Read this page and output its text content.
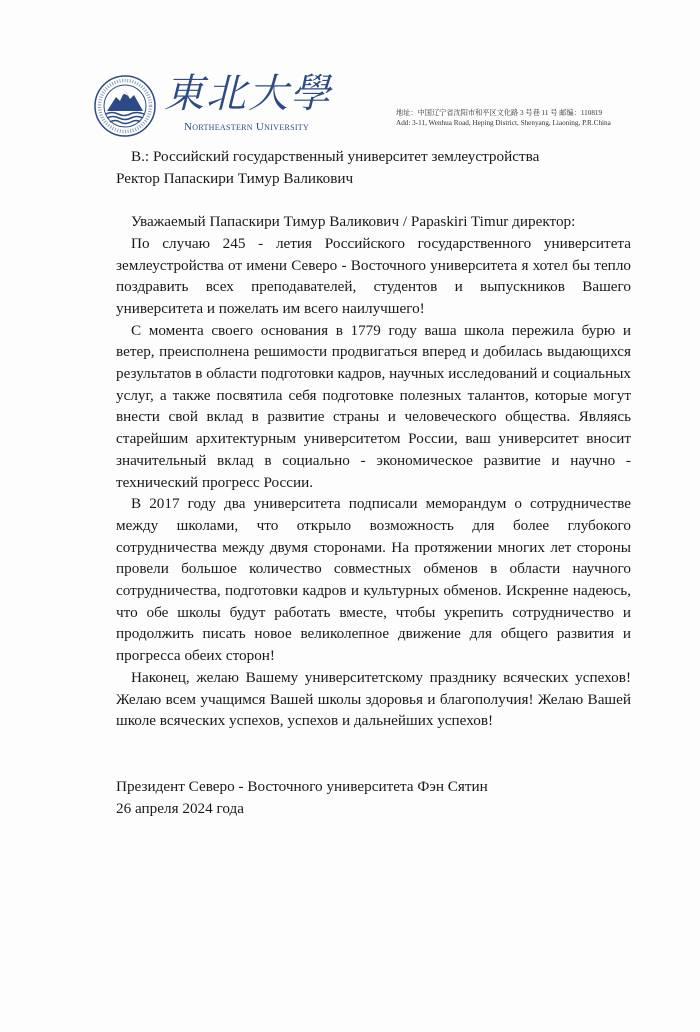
東北大學
Northeastern University
地址：中国辽宁省沈阳市和平区文化路 3 号巷 11 号 邮编：110819
Add: 3-11, Wenhua Road, Heping District, Shenyang, Liaoning, P.R.China
В.: Российский государственный университет землеустройства
Ректор Папаскири Тимур Валикович

Уважаемый Папаскири Тимур Валикович / Papaskiri Timur директор:

По случаю 245 - летия Российского государственного университета землеустройства от имени Северо - Восточного университета я хотел бы тепло поздравить всех преподавателей, студентов и выпускников Вашего университета и пожелать им всего наилучшего!

С момента своего основания в 1779 году ваша школа пережила бурю и ветер, преисполнена решимости продвигаться вперед и добилась выдающихся результатов в области подготовки кадров, научных исследований и социальных услуг, а также посвятила себя подготовке полезных талантов, которые могут внести свой вклад в развитие страны и человеческого общества. Являясь старейшим архитектурным университетом России, ваш университет вносит значительный вклад в социально - экономическое развитие и научно - технический прогресс России.

В 2017 году два университета подписали меморандум о сотрудничестве между школами, что открыло возможность для более глубокого сотрудничества между двумя сторонами. На протяжении многих лет стороны провели большое количество совместных обменов в области научного сотрудничества, подготовки кадров и культурных обменов. Искренне надеюсь, что обе школы будут работать вместе, чтобы укрепить сотрудничество и продолжить писать новое великолепное движение для общего развития и прогресса обеих сторон!

Наконец, желаю Вашему университетскому празднику всяческих успехов! Желаю всем учащимся Вашей школы здоровья и благополучия! Желаю Вашей школе всяческих успехов, успехов и дальнейших успехов!

Президент Северо - Восточного университета Фэн Сятин

26 апреля 2024 года
